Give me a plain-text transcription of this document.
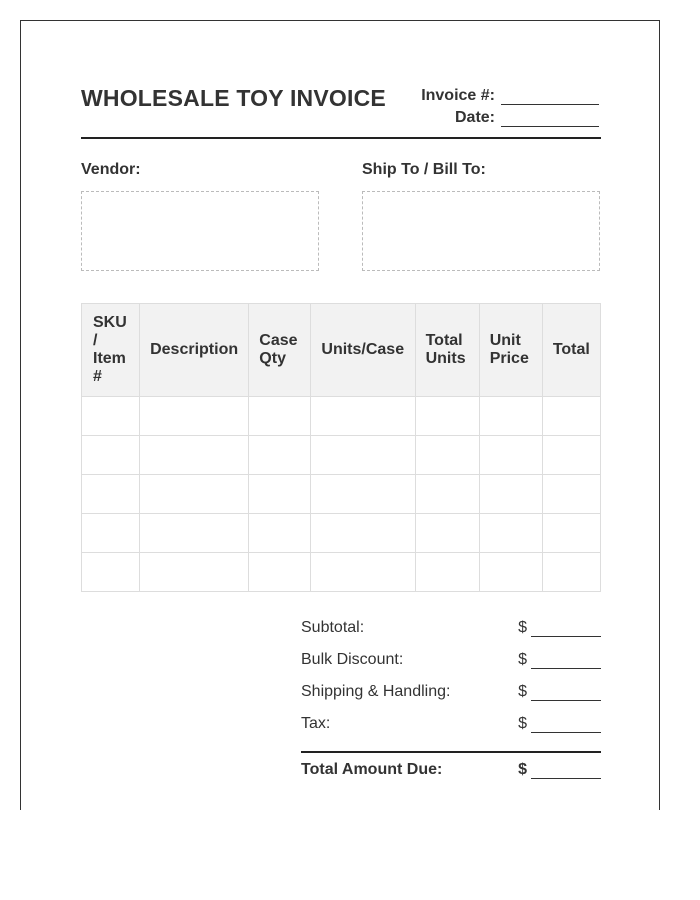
WHOLESALE TOY INVOICE Invoice #:
Date:
Vendor:	Ship To / Bill To:
SKU / Item #	Description	Case Qty	Units/Case	Total Units	Unit Price	Total

Subtotal:	$
Bulk Discount:	$
Shipping & Handling:	$
Tax:	$
Total Amount Due:	$
